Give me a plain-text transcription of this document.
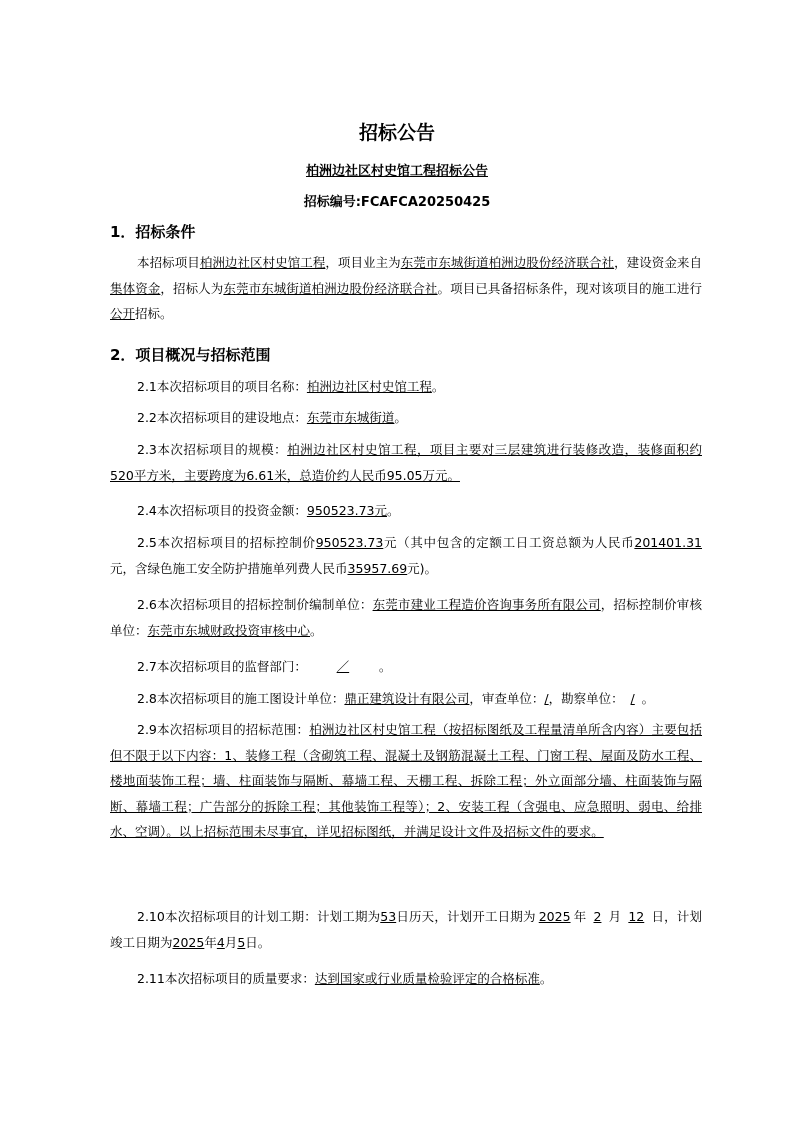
招标公告
柏洲边社区村史馆工程招标公告
招标编号:FCAFCA20250425
1．招标条件
本招标项目柏洲边社区村史馆工程，项目业主为东莞市东城街道柏洲边股份经济联合社，建设资金来自集体资金，招标人为东莞市东城街道柏洲边股份经济联合社。项目已具备招标条件，现对该项目的施工进行公开招标。
2．项目概况与招标范围
2.1本次招标项目的项目名称：柏洲边社区村史馆工程。
2.2本次招标项目的建设地点：东莞市东城街道。
2.3本次招标项目的规模：柏洲边社区村史馆工程，项目主要对三层建筑进行装修改造，装修面积约520平方米，主要跨度为6.61米，总造价约人民币95.05万元。
2.4本次招标项目的投资金额：950523.73元。
2.5本次招标项目的招标控制价950523.73元（其中包含的定额工日工资总额为人民币201401.31元，含绿色施工安全防护措施单列费人民币35957.69元)。
2.6本次招标项目的招标控制价编制单位：东莞市建业工程造价咨询事务所有限公司，招标控制价审核单位：东莞市东城财政投资审核中心。
2.7本次招标项目的监督部门： ／ 。
2.8本次招标项目的施工图设计单位：鼎正建筑设计有限公司，审查单位：/，勘察单位： / 。
2.9本次招标项目的招标范围：柏洲边社区村史馆工程（按招标图纸及工程量清单所含内容）主要包括但不限于以下内容：1、装修工程（含砌筑工程、混凝土及钢筋混凝土工程、门窗工程、屋面及防水工程、楼地面装饰工程；墙、柱面装饰与隔断、幕墙工程、天棚工程、拆除工程；外立面部分墙、柱面装饰与隔断、幕墙工程；广告部分的拆除工程；其他装饰工程等）；2、安装工程（含强电、应急照明、弱电、给排水、空调）。以上招标范围未尽事宜，详见招标图纸，并满足设计文件及招标文件的要求。
2.10本次招标项目的计划工期：计划工期为53日历天，计划开工日期为 2025 年 2 月 12 日，计划竣工日期为2025年4月5日。
2.11本次招标项目的质量要求：达到国家或行业质量检验评定的合格标准。
